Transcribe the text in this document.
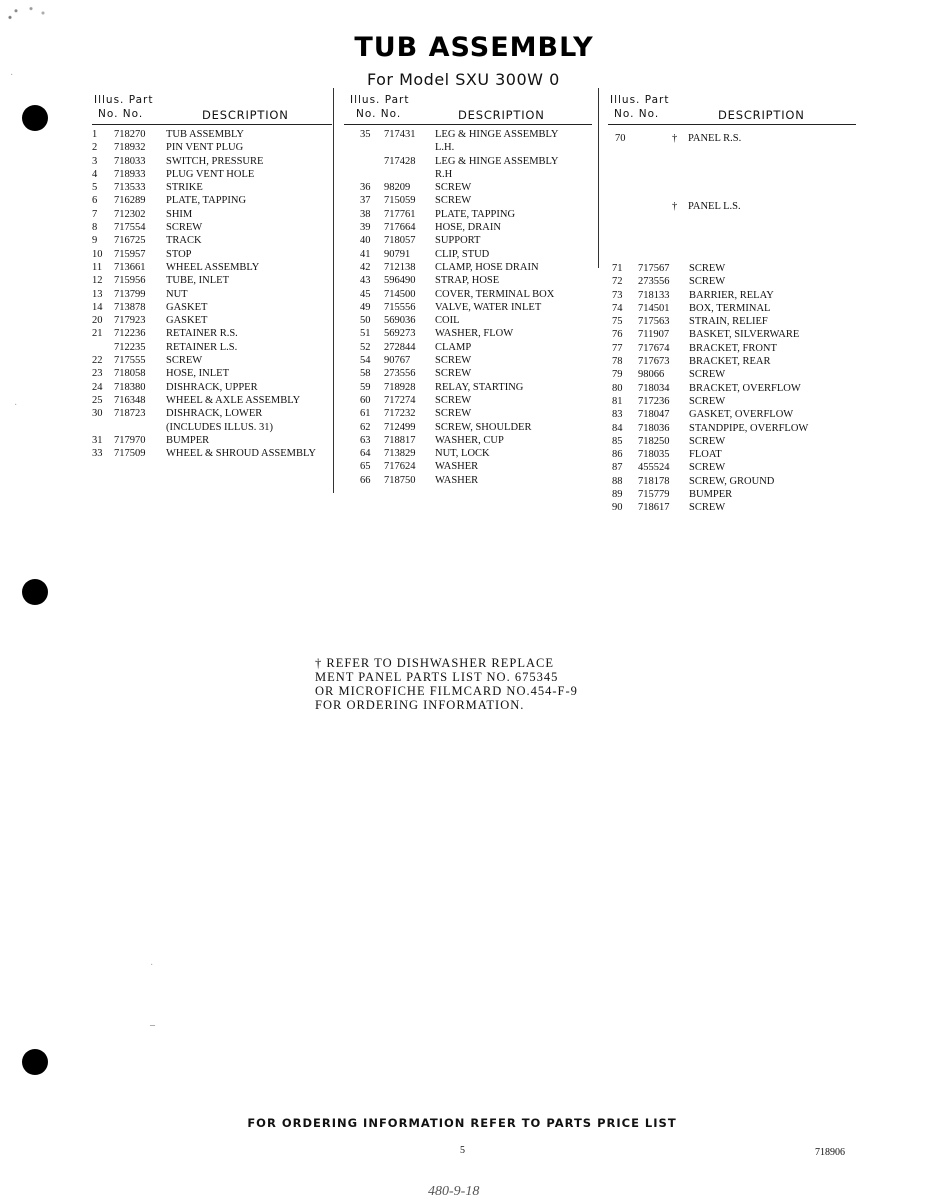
TUB ASSEMBLY
For Model SXU 300W 0
Illus. Part
No. No.	DESCRIPTION
1 718270 TUB ASSEMBLY
2 718932 PIN VENT PLUG
3 718033 SWITCH, PRESSURE
4 718933 PLUG VENT HOLE
5 713533 STRIKE
6 716289 PLATE, TAPPING
7 712302 SHIM
8 717554 SCREW
9 716725 TRACK
10 715957 STOP
11 713661 WHEEL ASSEMBLY
12 715956 TUBE, INLET
13 713799 NUT
14 713878 GASKET
20 717923 GASKET
21 712236 RETAINER R.S.
712235 RETAINER L.S.
22 717555 SCREW
23 718058 HOSE, INLET
24 718380 DISHRACK, UPPER
25 716348 WHEEL & AXLE ASSEMBLY
30 718723 DISHRACK, LOWER
(INCLUDES ILLUS. 31)
31 717970 BUMPER
33 717509 WHEEL & SHROUD ASSEMBLY
Illus. Part
No. No.	DESCRIPTION
35 717431 LEG & HINGE ASSEMBLY
L.H.
717428 LEG & HINGE ASSEMBLY
R.H
36 98209 SCREW
37 715059 SCREW
38 717761 PLATE, TAPPING
39 717664 HOSE, DRAIN
40 718057 SUPPORT
41 90791 CLIP, STUD
42 712138 CLAMP, HOSE DRAIN
43 596490 STRAP, HOSE
45 714500 COVER, TERMINAL BOX
49 715556 VALVE, WATER INLET
50 569036 COIL
51 569273 WASHER, FLOW
52 272844 CLAMP
54 90767 SCREW
58 273556 SCREW
59 718928 RELAY, STARTING
60 717274 SCREW
61 717232 SCREW
62 712499 SCREW, SHOULDER
63 718817 WASHER, CUP
64 713829 NUT, LOCK
65 717624 WASHER
66 718750 WASHER
Illus. Part
No. No.	DESCRIPTION
70	† PANEL R.S.
† PANEL L.S.
71 717567 SCREW
72 273556 SCREW
73 718133 BARRIER, RELAY
74 714501 BOX, TERMINAL
75 717563 STRAIN, RELIEF
76 711907 BASKET, SILVERWARE
77 717674 BRACKET, FRONT
78 717673 BRACKET, REAR
79 98066 SCREW
80 718034 BRACKET, OVERFLOW
81 717236 SCREW
83 718047 GASKET, OVERFLOW
84 718036 STANDPIPE, OVERFLOW
85 718250 SCREW
86 718035 FLOAT
87 455524 SCREW
88 718178 SCREW, GROUND
89 715779 BUMPER
90 718617 SCREW
† REFER TO DISHWASHER REPLACE
MENT PANEL PARTS LIST NO. 675345
OR MICROFICHE FILMCARD NO.454-F-9
FOR ORDERING INFORMATION.
·
·
·
–
FOR ORDERING INFORMATION REFER TO PARTS PRICE LIST
5	718906
480-9-18
